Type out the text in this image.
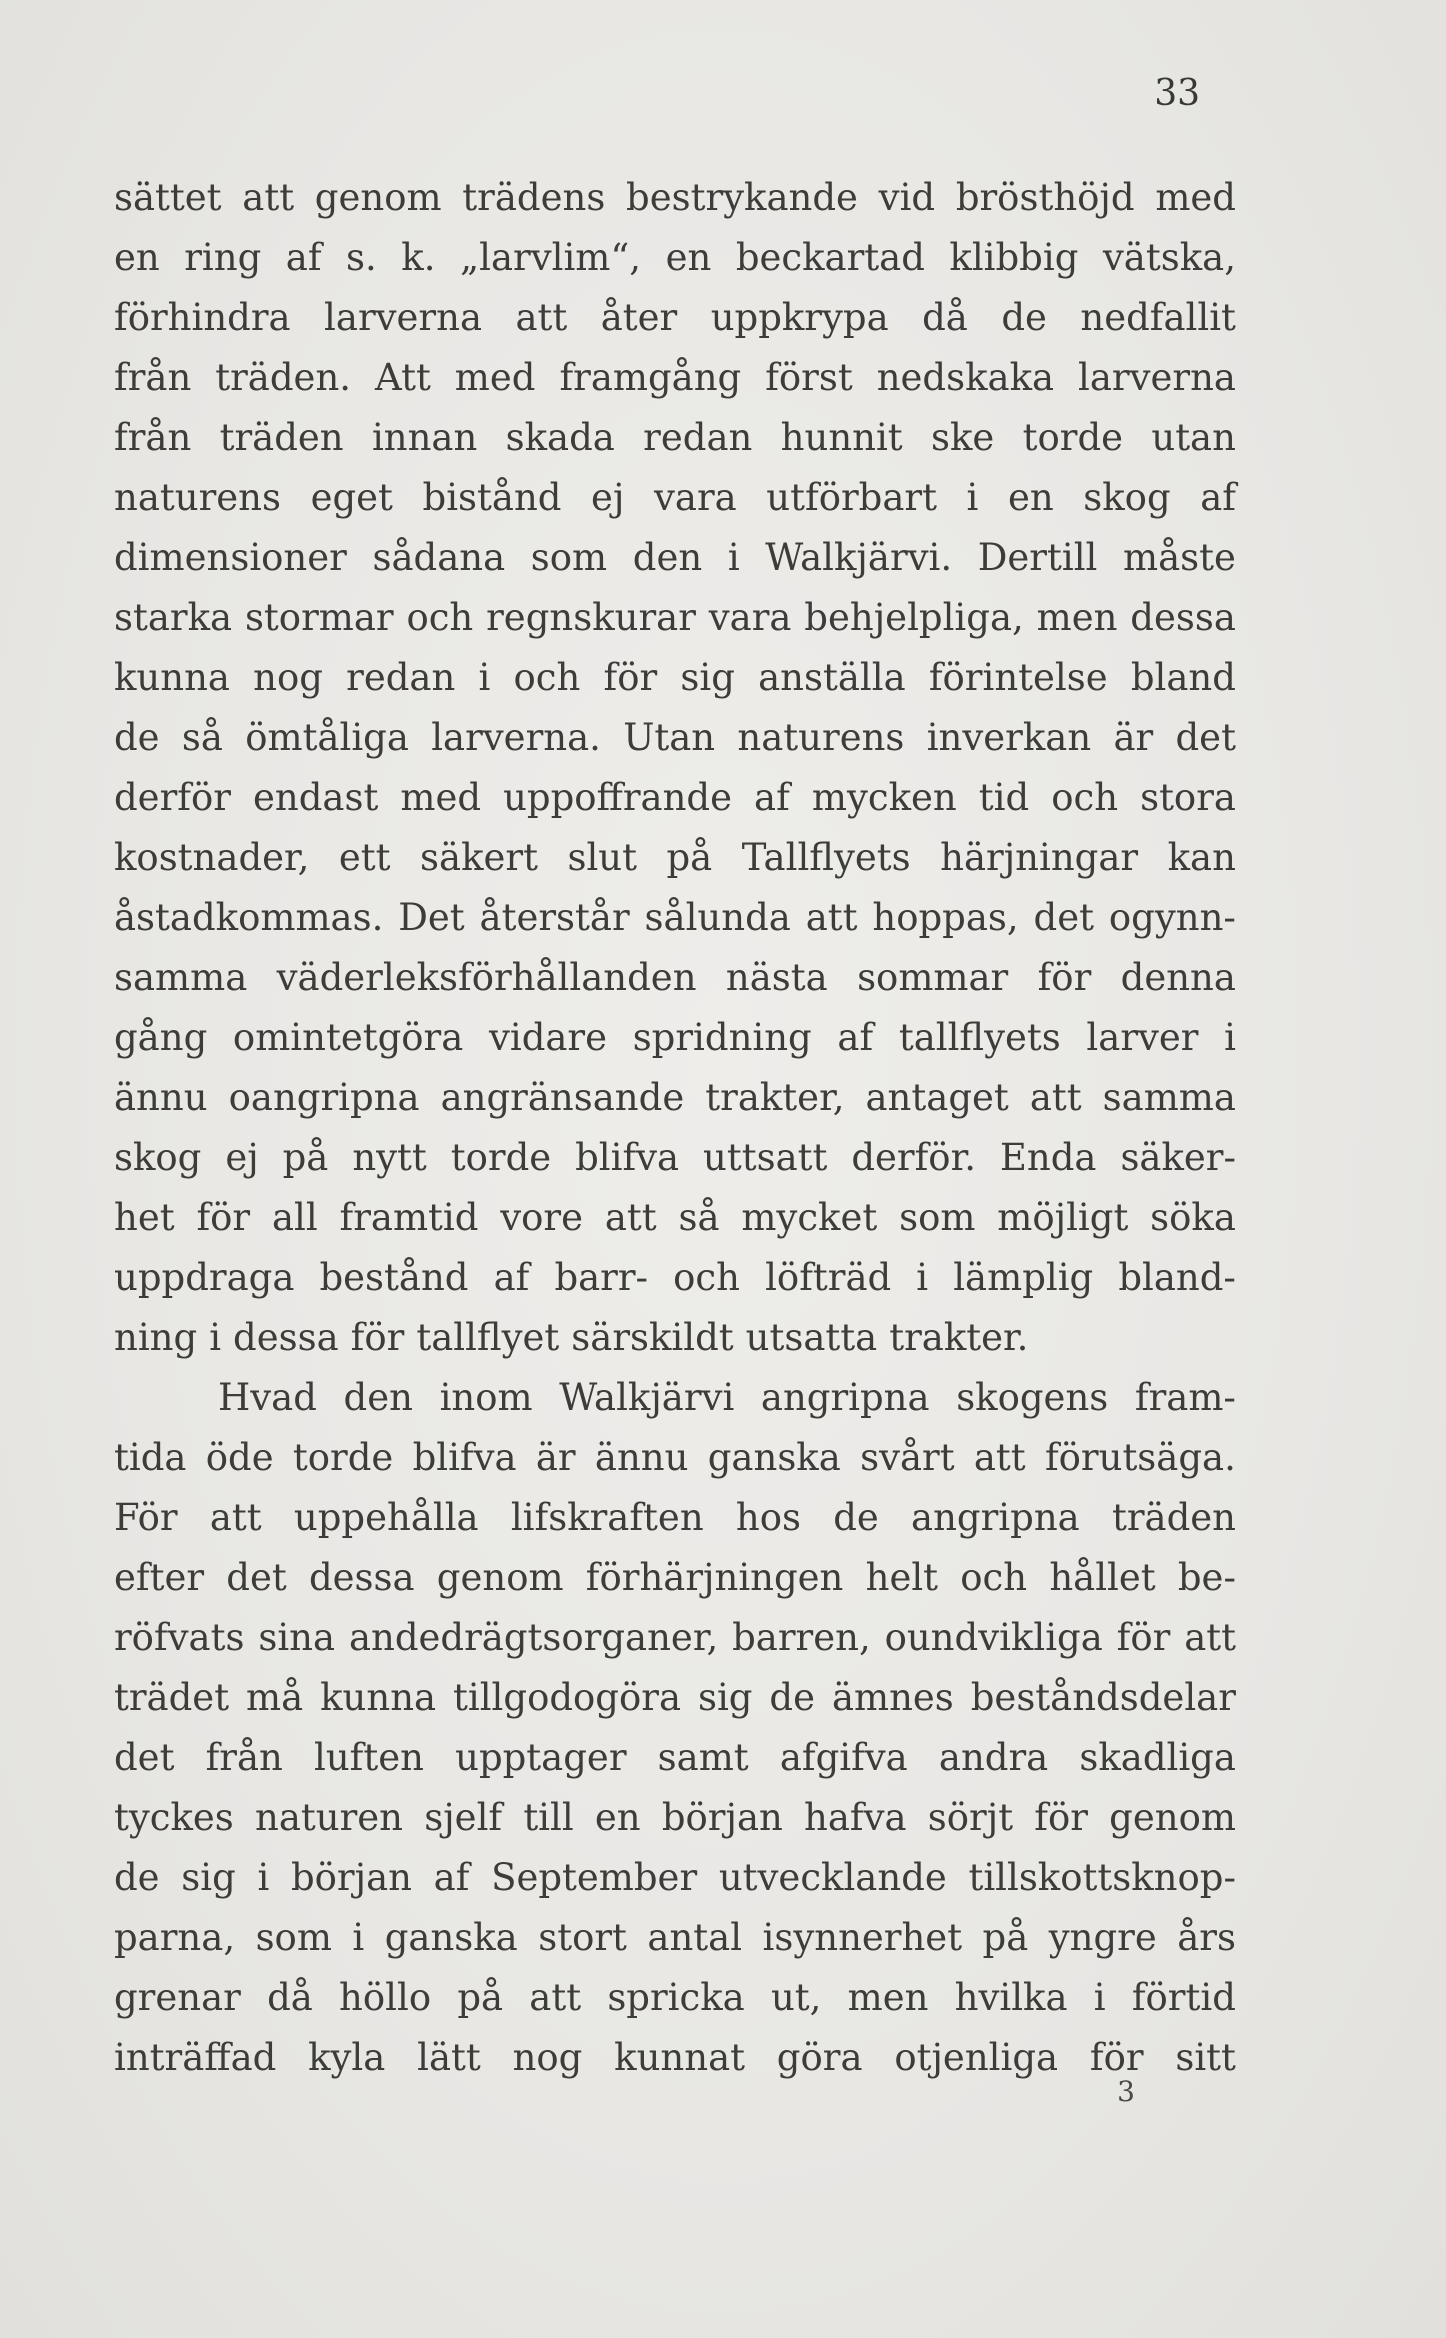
33
sättet att genom trädens bestrykande vid brösthöjd med
en ring af s. k. „larvlim“, en beckartad klibbig vätska,
förhindra larverna att åter uppkrypa då de nedfallit
från träden. Att med framgång först nedskaka larverna
från träden innan skada redan hunnit ske torde utan
naturens eget bistånd ej vara utförbart i en skog af
dimensioner sådana som den i Walkjärvi. Dertill måste
starka stormar och regnskurar vara behjelpliga, men dessa
kunna nog redan i och för sig anställa förintelse bland
de så ömtåliga larverna. Utan naturens inverkan är det
derför endast med uppoffrande af mycken tid och stora
kostnader, ett säkert slut på Tallflyets härjningar kan
åstadkommas. Det återstår sålunda att hoppas, det ogynn-
samma väderleksförhållanden nästa sommar för denna
gång omintetgöra vidare spridning af tallflyets larver i
ännu oangripna angränsande trakter, antaget att samma
skog ej på nytt torde blifva uttsatt derför. Enda säker-
het för all framtid vore att så mycket som möjligt söka
uppdraga bestånd af barr- och löfträd i lämplig bland-
ning i dessa för tallflyet särskildt utsatta trakter.
Hvad den inom Walkjärvi angripna skogens fram-
tida öde torde blifva är ännu ganska svårt att förutsäga.
För att uppehålla lifskraften hos de angripna träden
efter det dessa genom förhärjningen helt och hållet be-
röfvats sina andedrägtsorganer, barren, oundvikliga för att
trädet må kunna tillgodogöra sig de ämnes beståndsdelar
det från luften upptager samt afgifva andra skadliga
tyckes naturen sjelf till en början hafva sörjt för genom
de sig i början af September utvecklande tillskottsknop-
parna, som i ganska stort antal isynnerhet på yngre års
grenar då höllo på att spricka ut, men hvilka i förtid
inträffad kyla lätt nog kunnat göra otjenliga för sitt
3
